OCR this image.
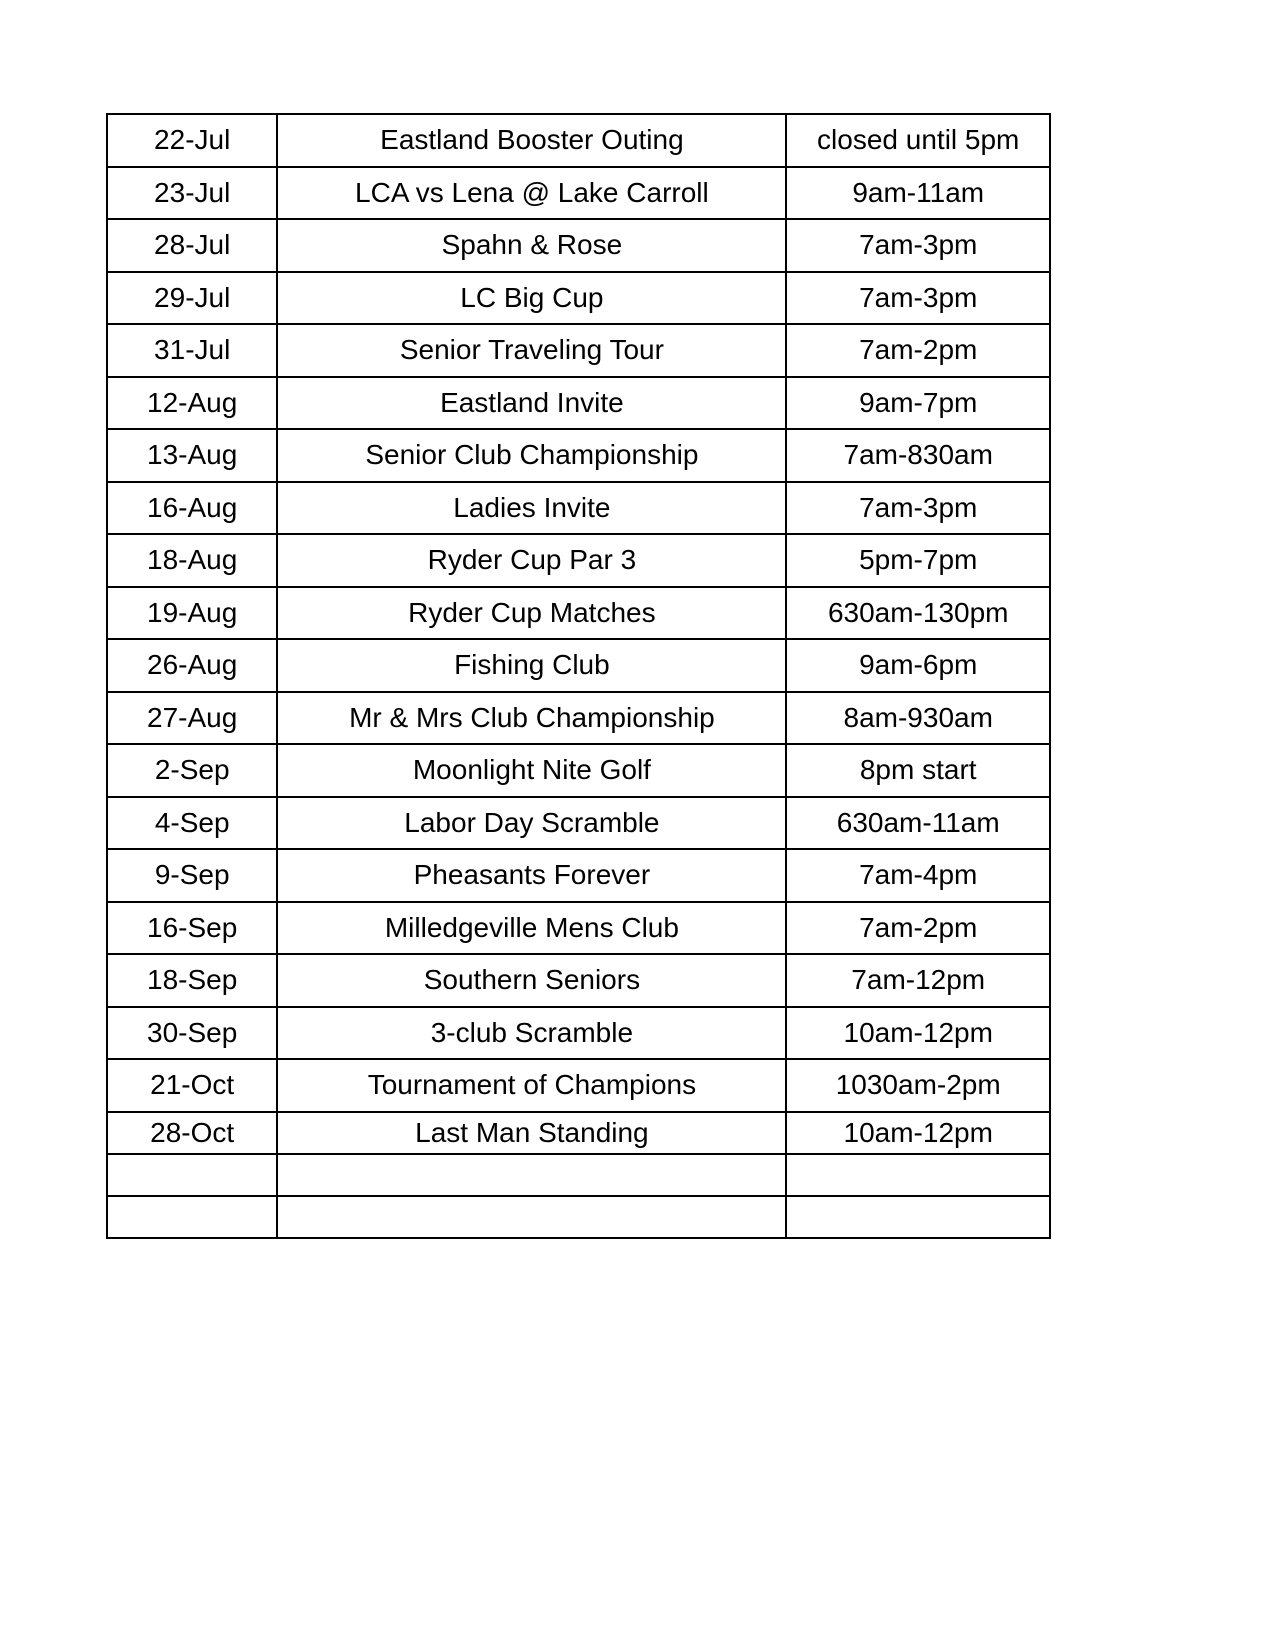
22-Jul	Eastland Booster Outing	closed until 5pm
23-Jul	LCA vs Lena @ Lake Carroll	9am-11am
28-Jul	Spahn & Rose	7am-3pm
29-Jul	LC Big Cup	7am-3pm
31-Jul	Senior Traveling Tour	7am-2pm
12-Aug	Eastland Invite	9am-7pm
13-Aug	Senior Club Championship	7am-830am
16-Aug	Ladies Invite	7am-3pm
18-Aug	Ryder Cup Par 3	5pm-7pm
19-Aug	Ryder Cup Matches	630am-130pm
26-Aug	Fishing Club	9am-6pm
27-Aug	Mr & Mrs Club Championship	8am-930am
2-Sep	Moonlight Nite Golf	8pm start
4-Sep	Labor Day Scramble	630am-11am
9-Sep	Pheasants Forever	7am-4pm
16-Sep	Milledgeville Mens Club	7am-2pm
18-Sep	Southern Seniors	7am-12pm
30-Sep	3-club Scramble	10am-12pm
21-Oct	Tournament of Champions	1030am-2pm
28-Oct	Last Man Standing	10am-12pm
